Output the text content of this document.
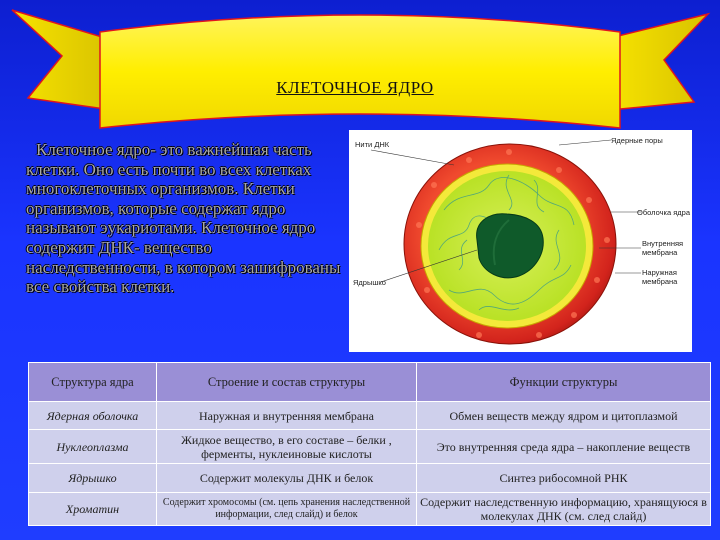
КЛЕТОЧНОЕ ЯДРО
Клеточное ядро- это важнейшая часть клетки. Оно есть почти во всех клетках многоклеточных организмов. Клетки организмов, которые содержат ядро называют эукариотами. Клеточное ядро содержит ДНК- вещество наследственности, в котором зашифрованы все свойства клетки.
Нити ДНК	Ядерные поры
Оболочка ядра
Внутренняя мембрана
Наружная мембрана
Ядрышко
Структура ядра	Строение и состав структуры	Функции структуры
Ядерная оболочка	Наружная и внутренняя мембрана	Обмен веществ между ядром и цитоплазмой
Нуклеоплазма	Жидкое вещество, в его составе – белки , ферменты, нуклеиновые кислоты	Это внутренняя среда ядра – накопление веществ
Ядрышко	Содержит молекулы ДНК и белок	Синтез рибосомной РНК
Хроматин	Содержит хромосомы (см. цепь хранения наследственной информации, след слайд) и белок	Содержит наследственную информацию, хранящуюся в молекулах ДНК (см. след слайд)
